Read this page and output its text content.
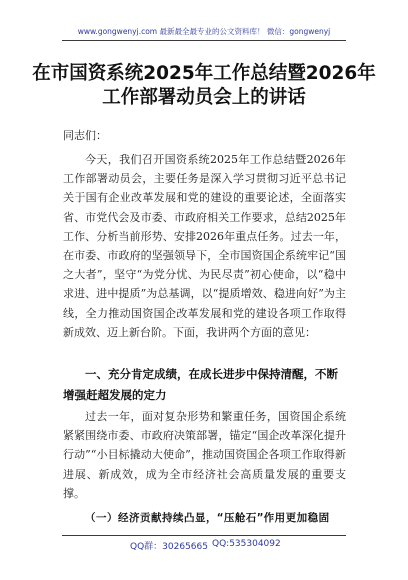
www.gongwenyj.com 最新最全最专业的公文资料库！ 微信：gongwenyj
在市国资系统2025年工作总结暨2026年工作部署动员会上的讲话
同志们：
今天，我们召开国资系统2025年工作总结暨2026年工作部署动员会，主要任务是深入学习贯彻习近平总书记关于国有企业改革发展和党的建设的重要论述，全面落实省、市党代会及市委、市政府相关工作要求，总结2025年工作、分析当前形势、安排2026年重点任务。过去一年，在市委、市政府的坚强领导下，全市国资国企系统牢记“国之大者”，坚守“为党分忧、为民尽责”初心使命，以“稳中求进、进中提质”为总基调，以“提质增效、稳进向好”为主线，全力推动国资国企改革发展和党的建设各项工作取得新成效、迈上新台阶。下面，我讲两个方面的意见：
一、充分肯定成绩，在成长进步中保持清醒，不断增强赶超发展的定力
过去一年，面对复杂形势和繁重任务，国资国企系统紧紧围绕市委、市政府决策部署，锚定“国企改革深化提升行动”“小目标撬动大使命”，推动国资国企各项工作取得新进展、新成效，成为全市经济社会高质量发展的重要支撑。
（一）经济贡献持续凸显，“压舱石”作用更加稳固
QQ群：30265665 QQ:535304092
